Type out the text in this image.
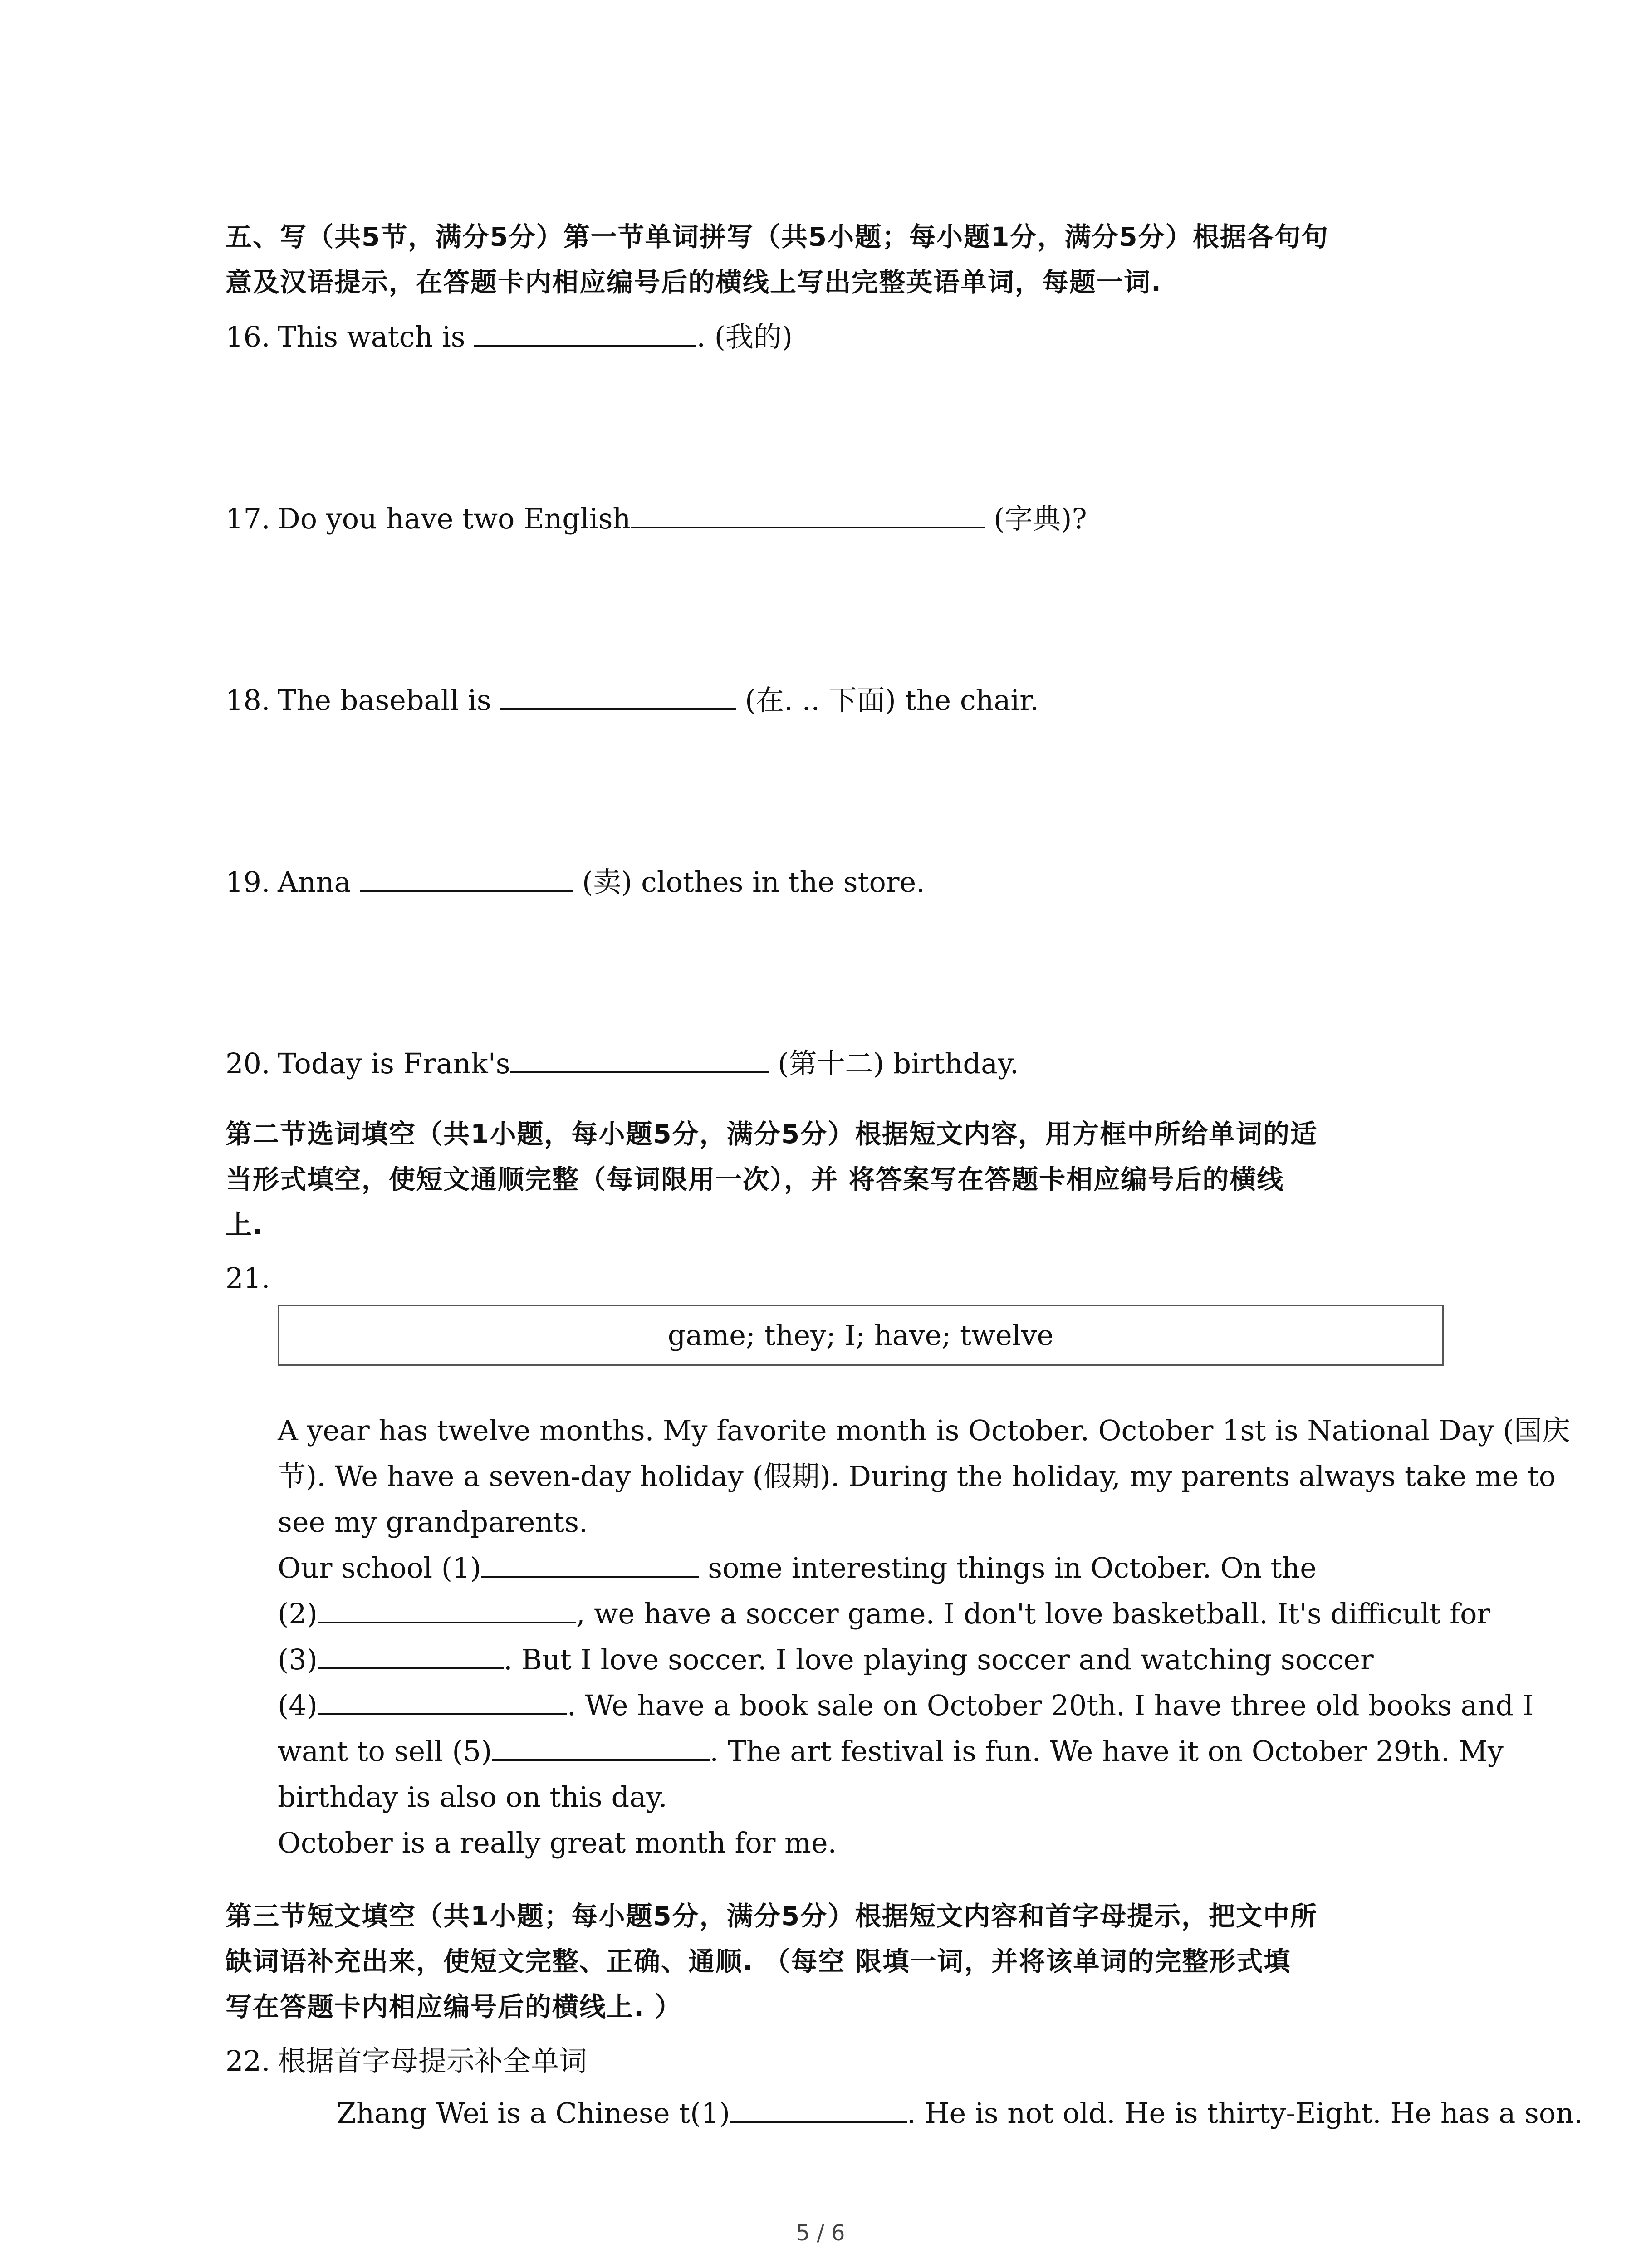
五、写（共5节，满分5分）第一节单词拼写（共5小题；每小题1分，满分5分）根据各句句

意及汉语提示，在答题卡内相应编号后的横线上写出完整英语单词，每题一词.

16. This watch is	. (我的)
17. Do you have two English	(字典)?
18. The baseball is	(在. .. 下面) the chair.
19. Anna	(卖) clothes in the store.
20. Today is Frank's	(第十二) birthday.

第二节选词填空（共1小题，每小题5分，满分5分）根据短文内容，用方框中所给单词的适

当形式填空，使短文通顺完整（每词限用一次），并 将答案写在答题卡相应编号后的横线

上.

21.
game; they; I; have; twelve

A year has twelve months. My favorite month is October. October 1st is National Day (国庆

节). We have a seven-day holiday (假期). During the holiday, my parents always take me to

see my grandparents.

Our school (1)	some interesting things in October. On the

(2)	, we have a soccer game. I don't love basketball. It's difficult for

(3)	. But I love soccer. I love playing soccer and watching soccer

(4)	. We have a book sale on October 20th. I have three old books and I

want to sell (5)	. The art festival is fun. We have it on October 29th. My

birthday is also on this day.

October is a really great month for me.

第三节短文填空（共1小题；每小题5分，满分5分）根据短文内容和首字母提示，把文中所

缺词语补充出来，使短文完整、正确、通顺. （每空 限填一词，并将该单词的完整形式填

写在答题卡内相应编号后的横线上. ）

22. 根据首字母提示补全单词
Zhang Wei is a Chinese t(1)	. He is not old. He is thirty-Eight. He has a son.
5 / 6
